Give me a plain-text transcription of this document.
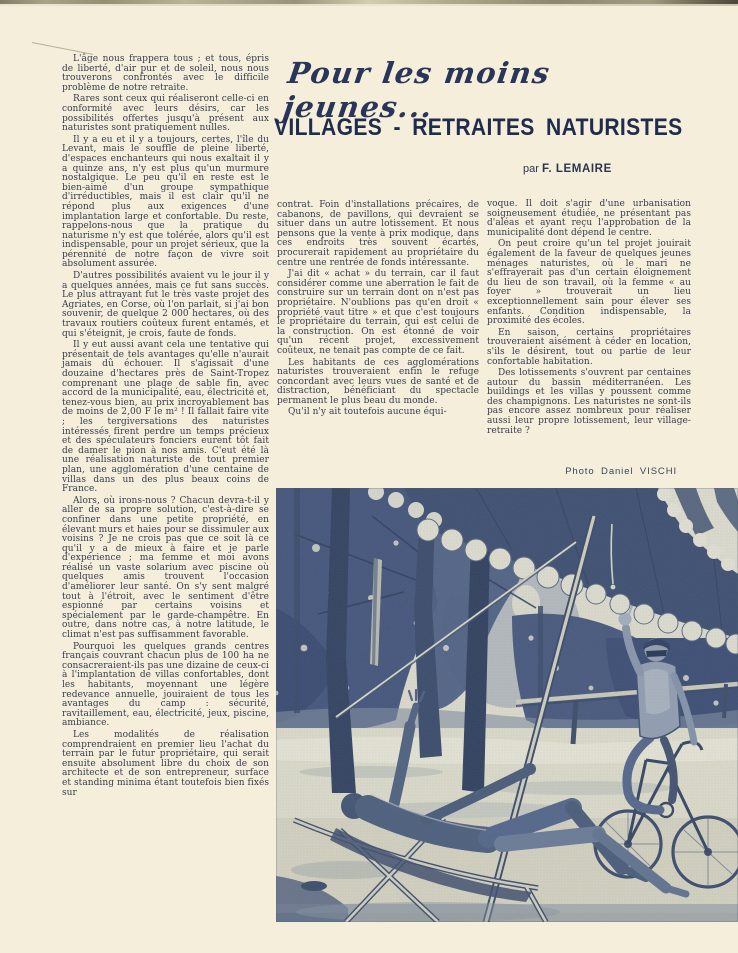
Pour les moins jeunes...
VILLAGES - RETRAITES NATURISTES
par F. LEMAIRE

L'âge nous frappera tous ; et tous, épris de liberté, d'air pur et de soleil, nous nous trouverons confrontés avec le difficile problème de notre retraite.

Rares sont ceux qui réaliseront celle-ci en conformité avec leurs désirs, car les possibilités offertes jusqu'à présent aux naturistes sont pratiquement nulles.

Il y a eu et il y a toujours, certes, l'île du Levant, mais le souffle de pleine liberté, d'espaces enchanteurs qui nous exaltait il y a quinze ans, n'y est plus qu'un murmure nostalgique. Le peu qu'il en reste est le bien-aimé d'un groupe sympathique d'irréductibles, mais il est clair qu'il ne répond plus aux exigences d'une implantation large et confortable. Du reste, rappelons-nous que la pratique du naturisme n'y est que tolérée, alors qu'il est indispensable, pour un projet sérieux, que la pérennité de notre façon de vivre soit absolument assurée.

D'autres possibilités avaient vu le jour il y a quelques années, mais ce fut sans succès. Le plus attrayant fut le très vaste projet des Agriates, en Corse, où l'on parlait, si j'ai bon souvenir, de quelque 2 000 hectares, où des travaux routiers coûteux furent entamés, et qui s'éteignit, je crois, faute de fonds.

Il y eut aussi avant cela une tentative qui présentait de tels avantages qu'elle n'aurait jamais dû échouer. Il s'agissait d'une douzaine d'hectares près de Saint-Tropez comprenant une plage de sable fin, avec accord de la municipalité, eau, électricité et, tenez-vous bien, au prix incroyablement bas de moins de 2,00 F le m² ! Il fallait faire vite ; les tergiversations des naturistes intéressés firent perdre un temps précieux et des spéculateurs fonciers eurent tôt fait de damer le pion à nos amis. C'eut été là une réalisation naturiste de tout premier plan, une agglomération d'une centaine de villas dans un des plus beaux coins de France.

Alors, où irons-nous ? Chacun devra-t-il y aller de sa propre solution, c'est-à-dire se confiner dans une petite propriété, en élevant murs et haies pour se dissimuler aux voisins ? Je ne crois pas que ce soit là ce qu'il y a de mieux à faire et je parle d'expérience ; ma femme et moi avons réalisé un vaste solarium avec piscine où quelques amis trouvent l'occasion d'améliorer leur santé. On s'y sent malgré tout à l'étroit, avec le sentiment d'être espionné par certains voisins et spécialement par le garde-champêtre. En outre, dans notre cas, à notre latitude, le climat n'est pas suffisamment favorable.

Pourquoi les quelques grands centres français couvrant chacun plus de 100 ha ne consacreraient-ils pas une dizaine de ceux-ci à l'implantation de villas confortables, dont les habitants, moyennant une légère redevance annuelle, jouiraient de tous les avantages du camp : sécurité, ravitaillement, eau, électricité, jeux, piscine, ambiance.

Les modalités de réalisation comprendraient en premier lieu l'achat du terrain par le futur propriétaire, qui serait ensuite absolument libre du choix de son architecte et de son entrepreneur, surface et standing minima étant toutefois bien fixés sur

contrat. Foin d'installations précaires, de cabanons, de pavillons, qui devraient se situer dans un autre lotissement. Et nous pensons que la vente à prix modique, dans ces endroits très souvent écartés, procurerait rapidement au propriétaire du centre une rentrée de fonds intéressante.

J'ai dit « achat » du terrain, car il faut considérer comme une aberration le fait de construire sur un terrain dont on n'est pas propriétaire. N'oublions pas qu'en droit « propriété vaut titre » et que c'est toujours le propriétaire du terrain, qui est celui de la construction. On est étonné de voir qu'un récent projet, excessivement coûteux, ne tenait pas compte de ce fait.

Les habitants de ces agglomérations naturistes trouveraient enfin le refuge concordant avec leurs vues de santé et de distraction, bénéficiant du spectacle permanent le plus beau du monde.

Qu'il n'y ait toutefois aucune équi-

voque. Il doit s'agir d'une urbanisation soigneusement étudiée, ne présentant pas d'aléas et ayant reçu l'approbation de la municipalité dont dépend le centre.

On peut croire qu'un tel projet jouirait également de la faveur de quelques jeunes ménages naturistes, où le mari ne s'effrayerait pas d'un certain éloignement du lieu de son travail, où la femme « au foyer » trouverait un lieu exceptionnellement sain pour élever ses enfants. Condition indispensable, la proximité des écoles.

En saison, certains propriétaires trouveraient aisément à céder en location, s'ils le désirent, tout ou partie de leur confortable habitation.

Des lotissements s'ouvrent par centaines autour du bassin méditerranéen. Les buildings et les villas y poussent comme des champignons. Les naturistes ne sont-ils pas encore assez nombreux pour réaliser aussi leur propre lotissement, leur village-retraite ?

Photo Daniel VISCHI
